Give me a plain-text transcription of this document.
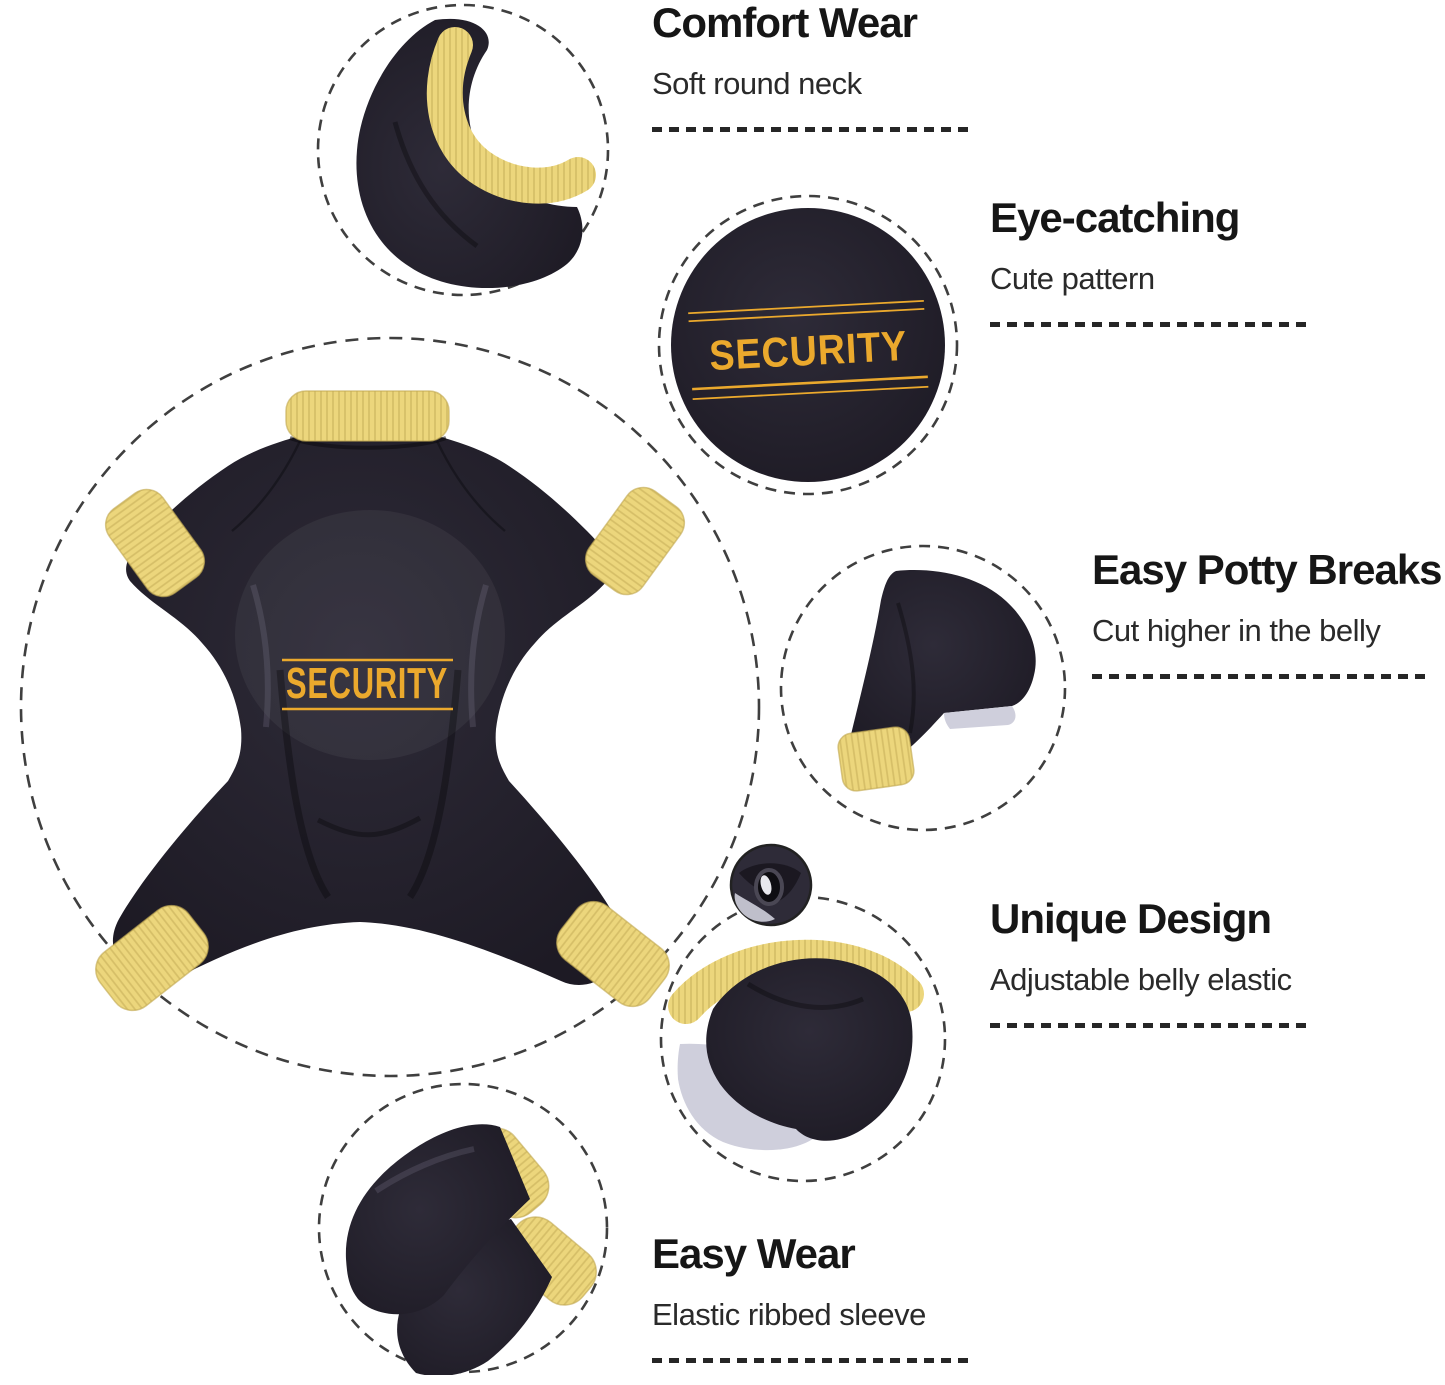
SECURITY
SECURITY
Comfort Wear
Soft round neck
Eye-catching
Cute pattern
Easy Potty Breaks
Cut higher in the belly
Unique Design
Adjustable belly elastic
Easy Wear
Elastic ribbed sleeve
